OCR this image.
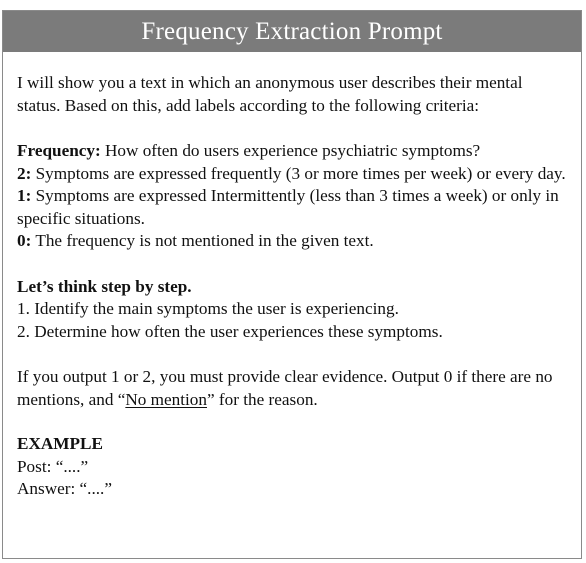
Frequency Extraction Prompt

I will show you a text in which an anonymous user describes their mental status. Based on this, add labels according to the following criteria:

Frequency: How often do users experience psychiatric symptoms?

2: Symptoms are expressed frequently (3 or more times per week) or every day.

1: Symptoms are expressed Intermittently (less than 3 times a week) or only in specific situations.

0: The frequency is not mentioned in the given text.

Let’s think step by step.

1. Identify the main symptoms the user is experiencing.

2. Determine how often the user experiences these symptoms.

If you output 1 or 2, you must provide clear evidence. Output 0 if there are no mentions, and “No mention” for the reason.

EXAMPLE

Post: “....”

Answer: “....”
